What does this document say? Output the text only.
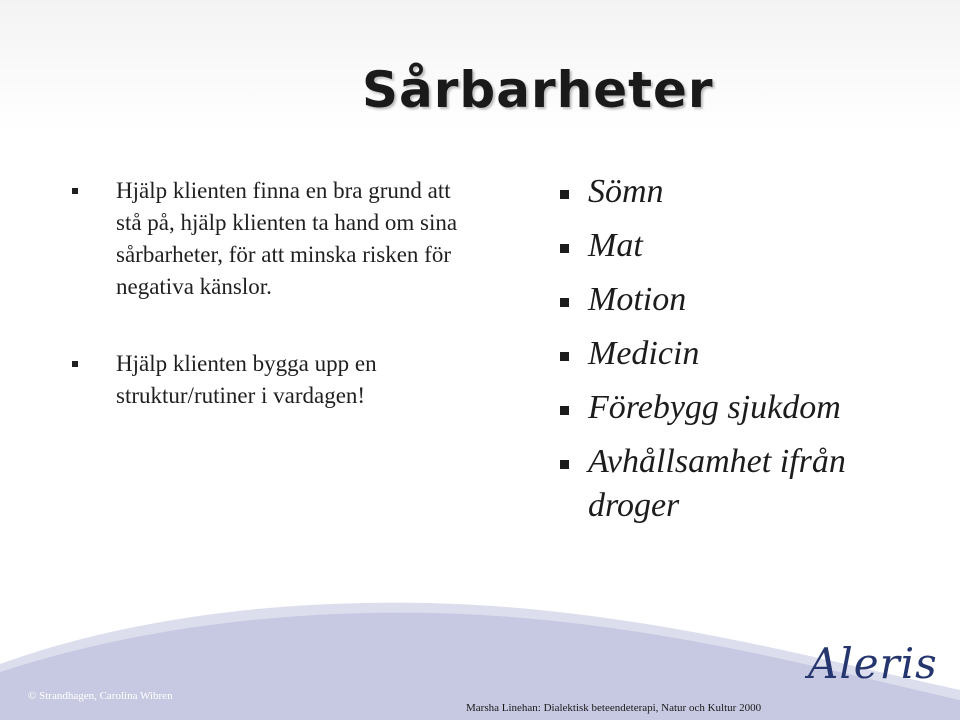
Sårbarheter
Hjälp klienten finna en bra grund att stå på, hjälp klienten ta hand om sina sårbarheter, för att minska risken för negativa känslor.
Hjälp klienten bygga upp en struktur/rutiner i vardagen!
Sömn
Mat
Motion
Medicin
Förebygg sjukdom
Avhållsamhet ifrån droger
© Strandhagen, Carolina Wibren
Aleris
Marsha Linehan: Dialektisk beteendeterapi, Natur och Kultur 2000
